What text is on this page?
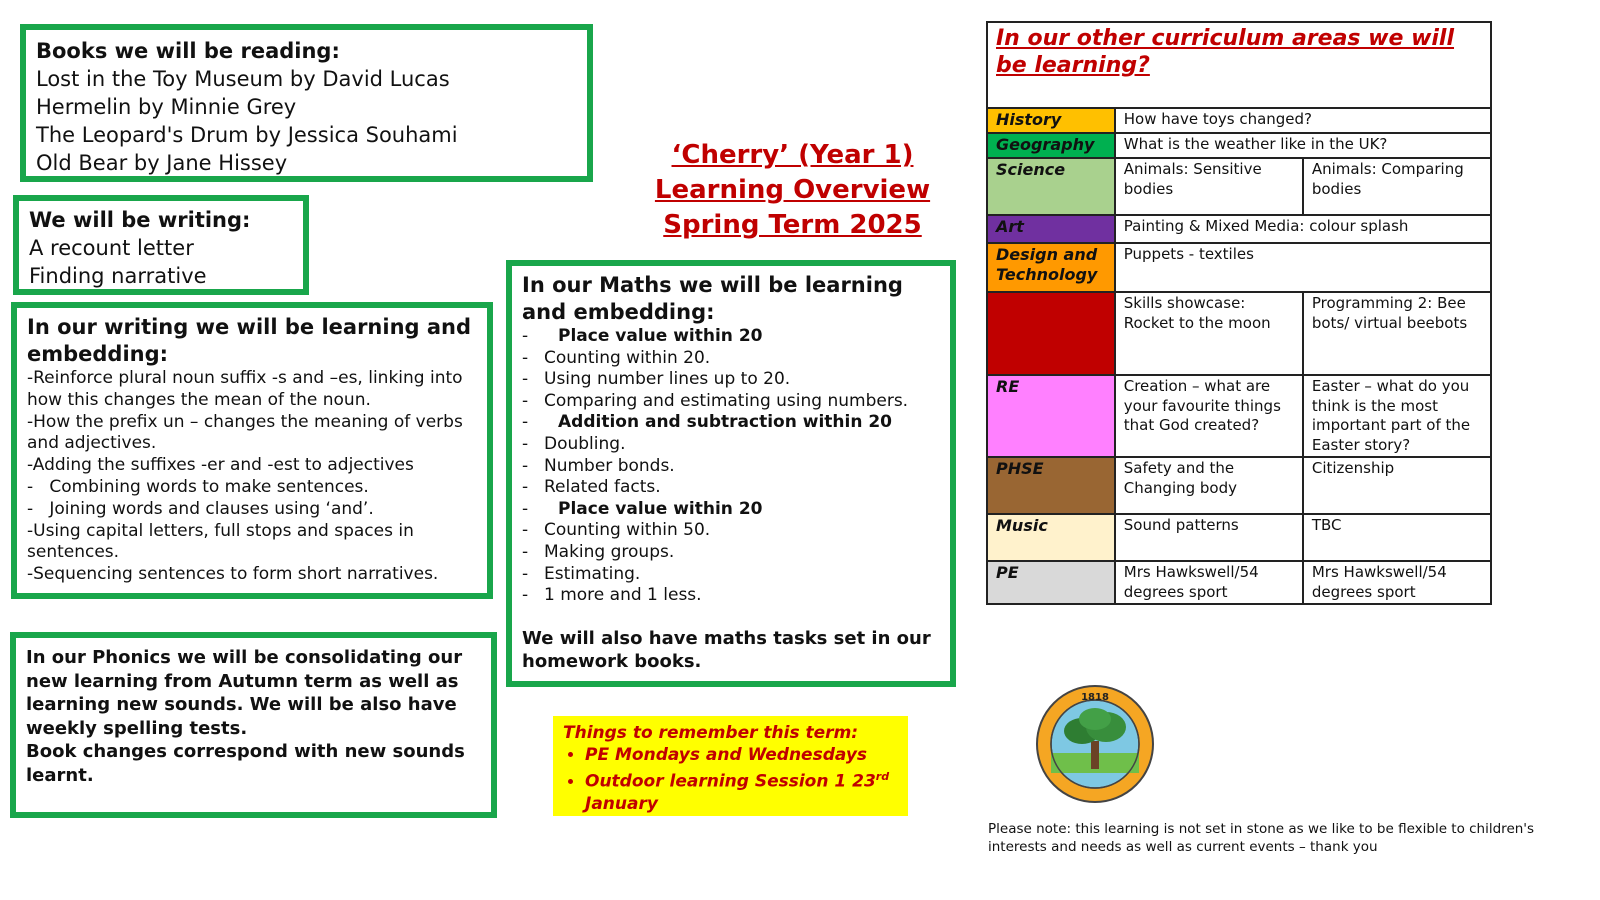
Books we will be reading:
Lost in the Toy Museum by David Lucas
Hermelin by Minnie Grey
The Leopard's Drum by Jessica Souhami
Old Bear by Jane Hissey
We will be writing:
A recount letter
Finding narrative
In our writing we will be learning and embedding:
-Reinforce plural noun suffix -s and –es, linking into how this changes the mean of the noun.
-How the prefix un – changes the meaning of verbs and adjectives.
-Adding the suffixes -er and -est to adjectives
-   Combining words to make sentences.
-   Joining words and clauses using ‘and’.
-Using capital letters, full stops and spaces in sentences.
-Sequencing sentences to form short narratives.

In our Phonics we will be consolidating our new learning from Autumn term as well as learning new sounds. We will be also have weekly spelling tests.

Book changes correspond with new sounds learnt.

‘Cherry’ (Year 1)
Learning Overview
Spring Term 2025
In our Maths we will be learning and embedding:
-	Place value within 20
- Counting within 20.
- Using number lines up to 20.
- Comparing and estimating using numbers.
-	Addition and subtraction within 20
- Doubling.
- Number bonds.
- Related facts.
-	Place value within 20
- Counting within 50.
- Making groups.
- Estimating.
- 1 more and 1 less.
We will also have maths tasks set in our homework books.
Things to remember this term:
• PE Mondays and Wednesdays
• Outdoor learning Session 1 23rd
January
In our other curriculum areas we will be learning?		
History	How have toys changed?	
Geography	What is the weather like in the UK?	
Science	Animals: Sensitive bodies	Animals: Comparing bodies
Art	Painting & Mixed Media: colour splash	
Design and Technology	Puppets - textiles	
Computing Science	Skills showcase: Rocket to the moon	Programming 2: Bee bots/ virtual beebots
RE	Creation – what are your favourite things that God created?	Easter – what do you think is the most important part of the Easter story?
PHSE	Safety and the Changing body	Citizenship
Music	Sound patterns	TBC
PE	Mrs Hawkswell/54 degrees sport	Mrs Hawkswell/54 degrees sport
1818
Please note: this learning is not set in stone as we like to be flexible to children's interests and needs as well as current events – thank you
